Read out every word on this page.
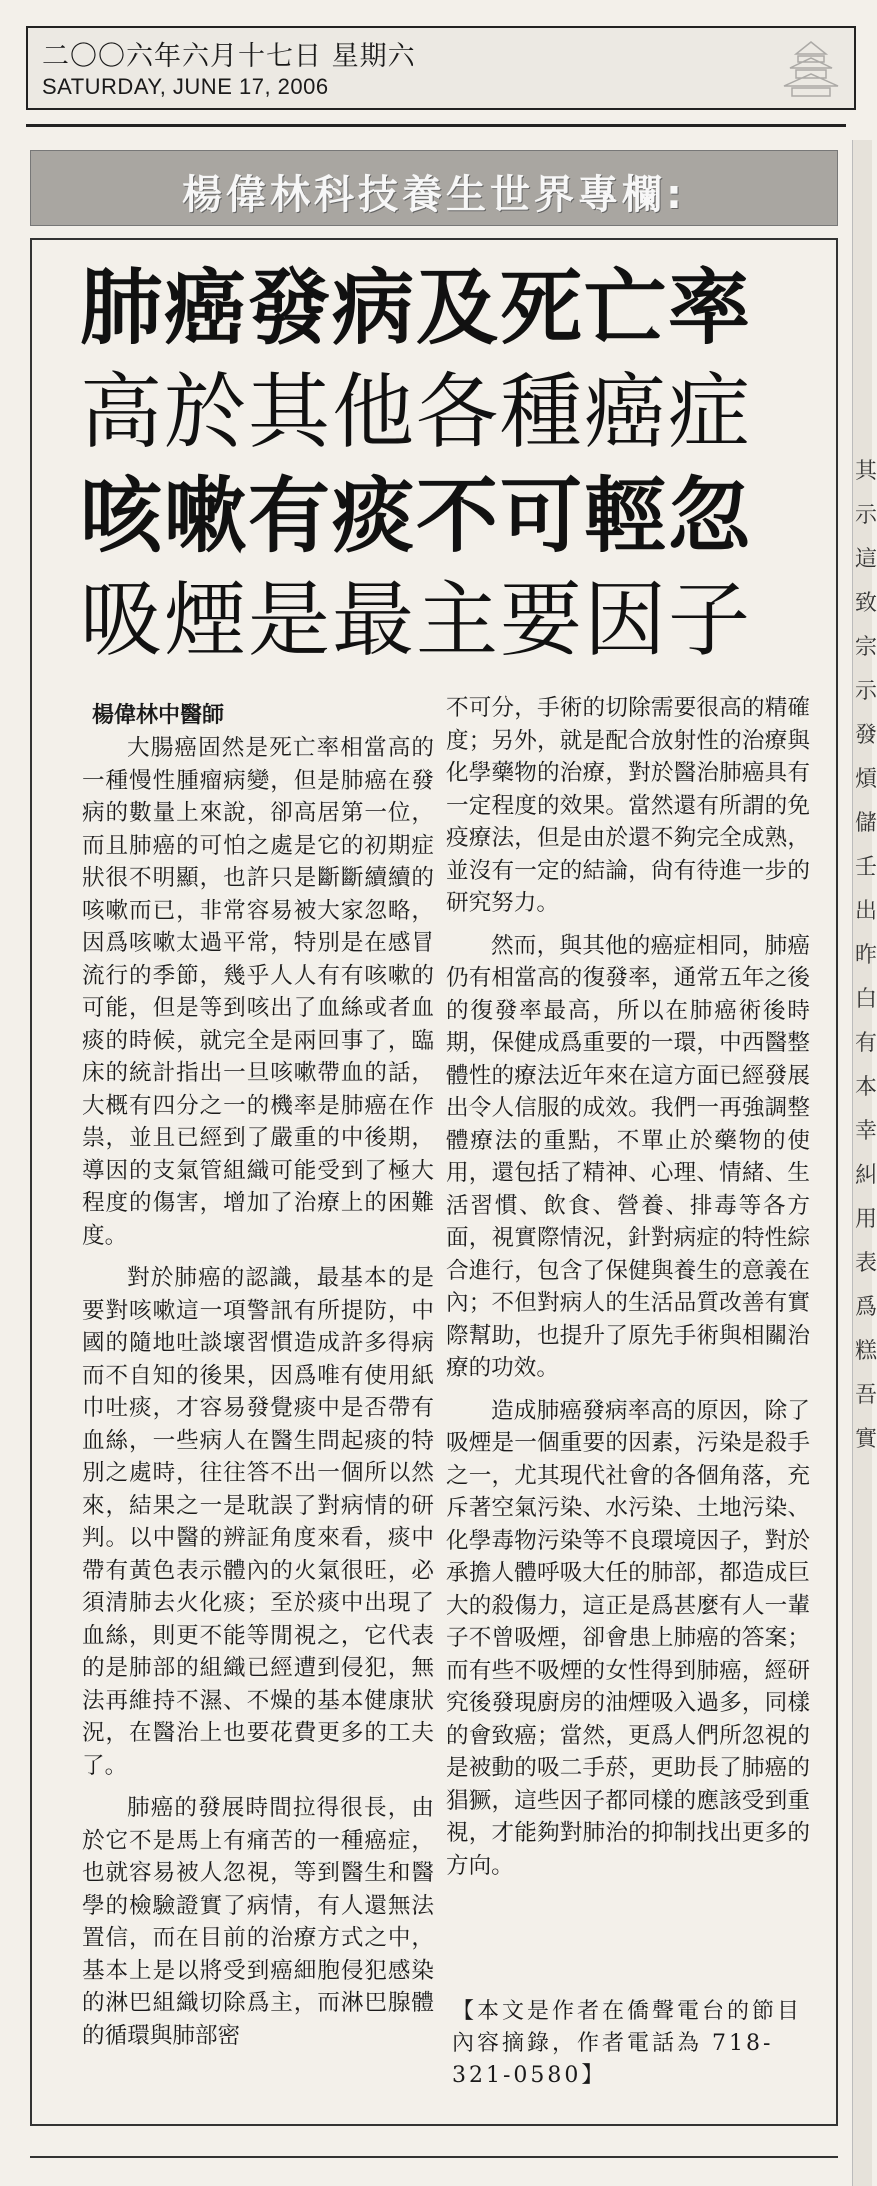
二〇〇六年六月十七日 星期六
SATURDAY, JUNE 17, 2006
楊偉林科技養生世界專欄:
肺癌發病及死亡率
高於其他各種癌症
咳嗽有痰不可輕忽
吸煙是最主要因子
楊偉林中醫師

大腸癌固然是死亡率相當高的一種慢性腫瘤病變，但是肺癌在發病的數量上來說，卻高居第一位，而且肺癌的可怕之處是它的初期症狀很不明顯，也許只是斷斷續續的咳嗽而已，非常容易被大家忽略，因爲咳嗽太過平常，特別是在感冒流行的季節，幾乎人人有有咳嗽的可能，但是等到咳出了血絲或者血痰的時候，就完全是兩回事了，臨床的統計指出一旦咳嗽帶血的話，大概有四分之一的機率是肺癌在作祟，並且已經到了嚴重的中後期，導因的支氣管組織可能受到了極大程度的傷害，增加了治療上的困難度。

對於肺癌的認識，最基本的是要對咳嗽這一項警訊有所提防，中國的隨地吐談壞習慣造成許多得病而不自知的後果，因爲唯有使用紙巾吐痰，才容易發覺痰中是否帶有血絲，一些病人在醫生問起痰的特別之處時，往往答不出一個所以然來，結果之一是耽誤了對病情的研判。以中醫的辨証角度來看，痰中帶有黃色表示體內的火氣很旺，必須清肺去火化痰；至於痰中出現了血絲，則更不能等閒視之，它代表的是肺部的組織已經遭到侵犯，無法再維持不濕、不燥的基本健康狀況，在醫治上也要花費更多的工夫了。

肺癌的發展時間拉得很長，由於它不是馬上有痛苦的一種癌症，也就容易被人忽視，等到醫生和醫學的檢驗證實了病情，有人還無法置信，而在目前的治療方式之中，基本上是以將受到癌細胞侵犯感染的淋巴組織切除爲主，而淋巴腺體的循環與肺部密

不可分，手術的切除需要很高的精確度；另外，就是配合放射性的治療與化學藥物的治療，對於醫治肺癌具有一定程度的效果。當然還有所謂的免疫療法，但是由於還不夠完全成熟，並沒有一定的結論，尙有待進一步的研究努力。

然而，與其他的癌症相同，肺癌仍有相當高的復發率，通常五年之後的復發率最高，所以在肺癌術後時期，保健成爲重要的一環，中西醫整體性的療法近年來在這方面已經發展出令人信服的成效。我們一再強調整體療法的重點，不單止於藥物的使用，還包括了精神、心理、情緒、生活習慣、飲食、營養、排毒等各方面，視實際情況，針對病症的特性綜合進行，包含了保健與養生的意義在內；不但對病人的生活品質改善有實際幫助，也提升了原先手術與相關治療的功效。

造成肺癌發病率高的原因，除了吸煙是一個重要的因素，污染是殺手之一，尤其現代社會的各個角落，充斥著空氣污染、水污染、土地污染、化學毒物污染等不良環境因子，對於承擔人體呼吸大任的肺部，都造成巨大的殺傷力，這正是爲甚麼有人一輩子不曾吸煙，卻會患上肺癌的答案；而有些不吸煙的女性得到肺癌，經研究後發現廚房的油煙吸入過多，同樣的會致癌；當然，更爲人們所忽視的是被動的吸二手菸，更助長了肺癌的猖獗，這些因子都同樣的應該受到重視，才能夠對肺治的抑制找出更多的方向。

【本文是作者在僑聲電台的節目內容摘錄，作者電話為 718-321-0580】
其示這致宗示發熕儲壬出昨白有本幸糾用表爲糕吾實
